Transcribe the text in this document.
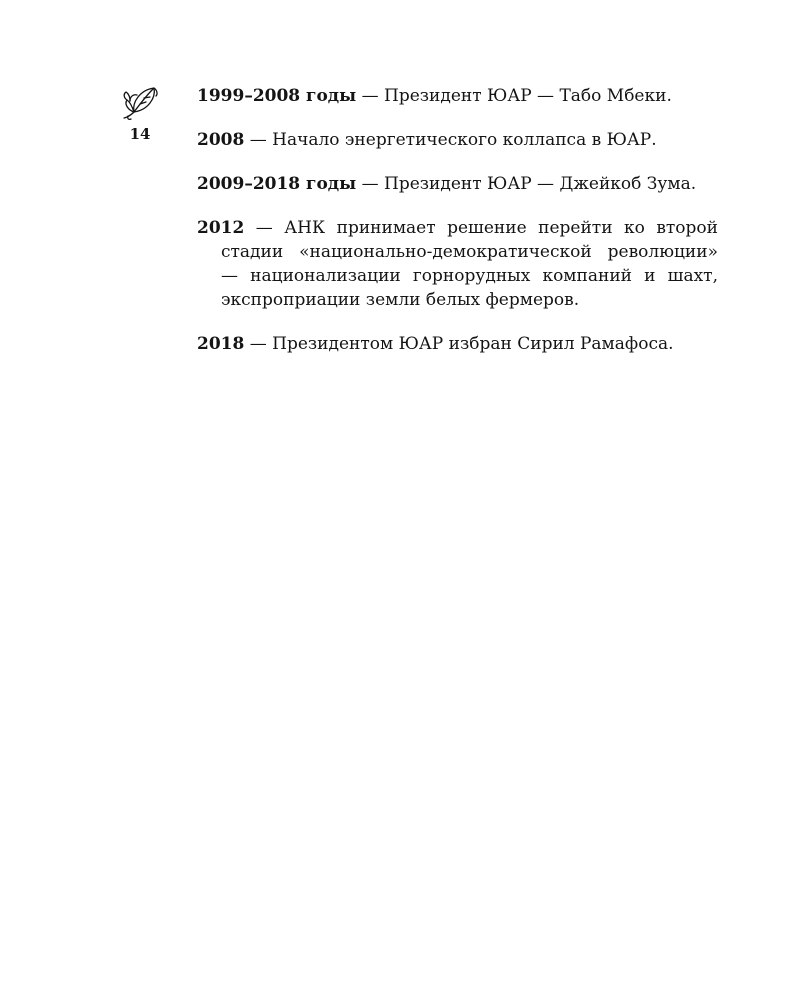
14

1999–2008 годы — Президент ЮАР — Табо Мбеки.

2008 — Начало энергетического коллапса в ЮАР.

2009–2018 годы — Президент ЮАР — Джейкоб Зума.

2012 — АНК принимает решение перейти ко второй стадии «национально-демократической революции» — национализации горнорудных компаний и шахт, экспроприации земли белых фермеров.

2018 — Президентом ЮАР избран Сирил Рамафоса.
